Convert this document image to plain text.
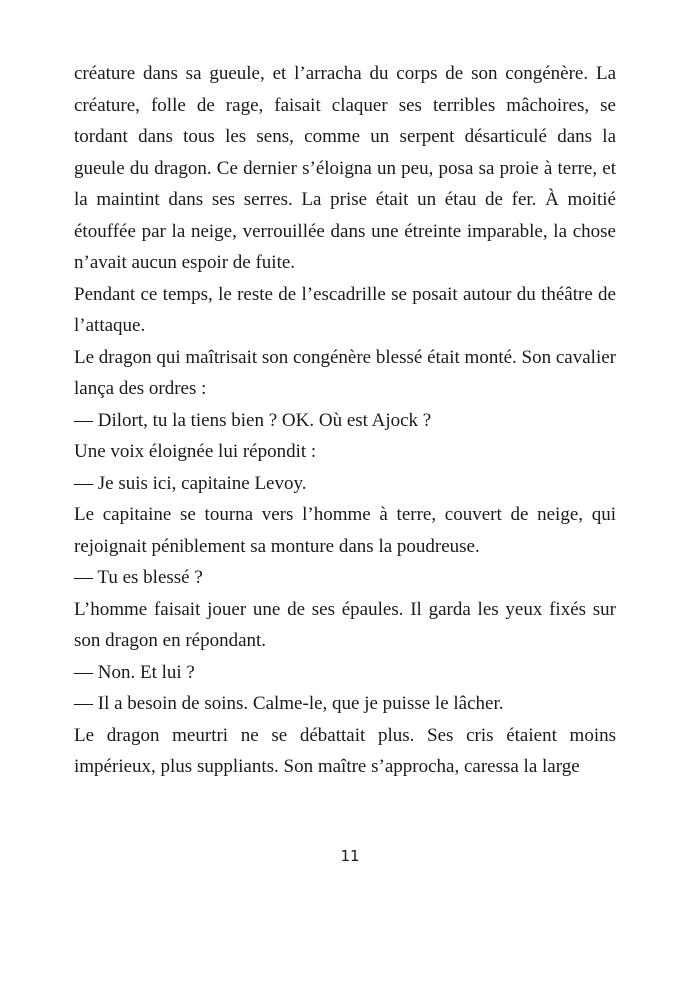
créature dans sa gueule, et l’arracha du corps de son congénère. La créature, folle de rage, faisait claquer ses terribles mâchoires, se tordant dans tous les sens, comme un serpent désarticulé dans la gueule du dragon. Ce dernier s’éloigna un peu, posa sa proie à terre, et la maintint dans ses serres. La prise était un étau de fer. À moitié étouffée par la neige, verrouillée dans une étreinte imparable, la chose n’avait aucun espoir de fuite.

Pendant ce temps, le reste de l’escadrille se posait autour du théâtre de l’attaque.

Le dragon qui maîtrisait son congénère blessé était monté. Son cavalier lança des ordres :

— Dilort, tu la tiens bien ? OK. Où est Ajock ?

Une voix éloignée lui répondit :

— Je suis ici, capitaine Levoy.

Le capitaine se tourna vers l’homme à terre, couvert de neige, qui rejoignait péniblement sa monture dans la poudreuse.

— Tu es blessé ?

L’homme faisait jouer une de ses épaules. Il garda les yeux fixés sur son dragon en répondant.

— Non. Et lui ?

— Il a besoin de soins. Calme-le, que je puisse le lâcher.

Le dragon meurtri ne se débattait plus. Ses cris étaient moins impérieux, plus suppliants. Son maître s’approcha, caressa la large

11
